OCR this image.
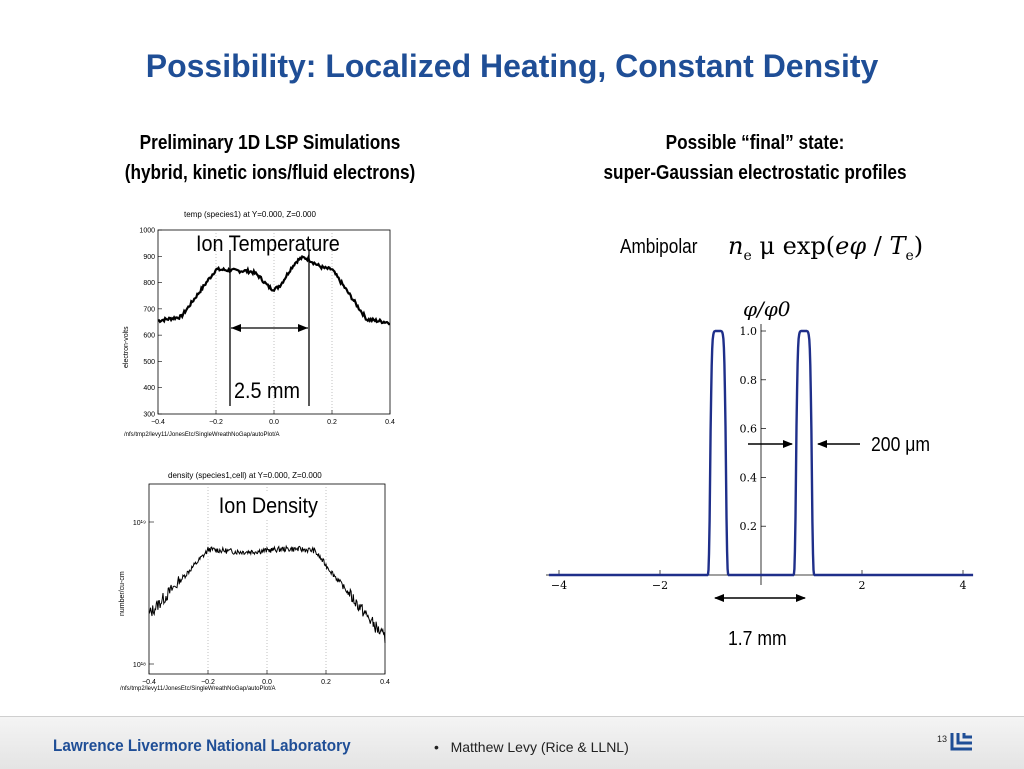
Possibility: Localized Heating, Constant Density
Preliminary 1D LSP Simulations
(hybrid, kinetic ions/fluid electrons)
Possible “final” state:
super-Gaussian electrostatic profiles
temp (species1) at Y=0.000, Z=0.000
1000
900
800
700
600
500
400
300
−0.4	−0.2	0.0	0.2	0.4
electron-volts
/nfs/tmp2/levy11/JonesEtc/SingleWreathNoGap/autoPlot/A
Ion Temperature
2.5 mm
density (species1,cell) at Y=0.000, Z=0.000
10¹⁹
10¹⁸
−0.4	−0.2	0.0	0.2	0.4
number/cu-cm
/nfs/tmp2/levy11/JonesEtc/SingleWreathNoGap/autoPlot/A
Ion Density
Ambipolar $n_e$ μ $\exp(e\varphi / T_e)$
φ/φ0
1.0
0.8
0.6
0.4
0.2
−4	−2	2	4
200 μm
1.7 mm
Lawrence Livermore National Laboratory	•   Matthew Levy (Rice & LLNL)	13
